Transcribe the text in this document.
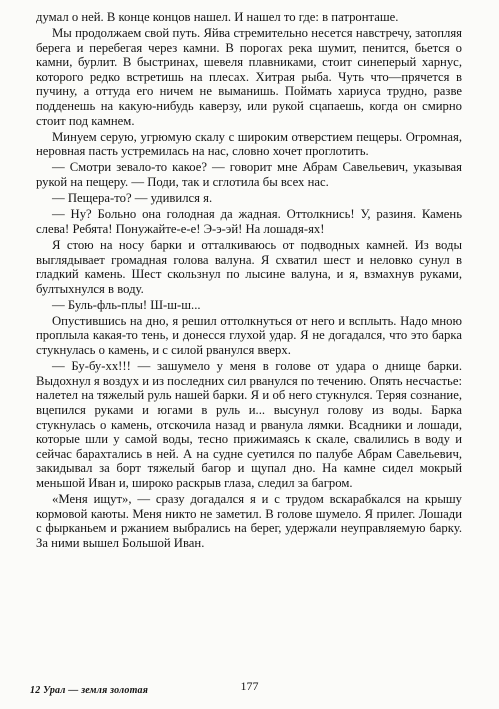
думал о ней. В конце концов нашел. И нашел то где: в патронташе.

Мы продолжаем свой путь. Яйва стремительно несется навстречу, затопляя берега и перебегая через камни. В порогах река шумит, пенится, бьется о камни, бурлит. В быстринах, шевеля плавниками, стоит синеперый харнус, которого редко встретишь на плесах. Хитрая рыба. Чуть что—прячется в пучину, а оттуда его ничем не выманишь. Поймать хариуса трудно, разве подденешь на какую-нибудь каверзу, или рукой сцапаешь, когда он смирно стоит под камнем.

Минуем серую, угрюмую скалу с широким отверстием пещеры. Огромная, неровная пасть устремилась на нас, словно хочет проглотить.

— Смотри зевало-то какое? — говорит мне Абрам Савельевич, указывая рукой на пещеру. — Поди, так и сглотила бы всех нас.

— Пещера-то? — удивился я.

— Ну? Больно она голодная да жадная. Оттолкнись! У, разиня. Камень слева! Ребята! Понужайте-е-е! Э-э-эй! На лошадя-ях!

Я стою на носу барки и отталкиваюсь от подводных камней. Из воды выглядывает громадная голова валуна. Я схватил шест и неловко сунул в гладкий камень. Шест скользнул по лысине валуна, и я, взмахнув руками, бултыхнулся в воду.

— Буль-фль-плы! Ш-ш-ш...

Опустившись на дно, я решил оттолкнуться от него и всплыть. Надо мною проплыла какая-то тень, и донесся глухой удар. Я не догадался, что это барка стукнулась о камень, и с силой рванулся вверх.

— Бу-бу-хх!!! — зашумело у меня в голове от удара о днище барки. Выдохнул я воздух и из последних сил рванулся по течению. Опять несчастье: налетел на тяжелый руль нашей барки. Я и об него стукнулся. Теряя сознание, вцепился руками и югами в руль и... высунул голову из воды. Барка стукнулась о камень, отскочила назад и рванула лямки. Всадники и лошади, которые шли у самой воды, тесно прижимаясь к скале, свалились в воду и сейчас барахтались в ней. А на судне суетился по палубе Абрам Савельевич, закидывал за борт тяжелый багор и щупал дно. На камне сидел мокрый меньшой Иван и, широко раскрыв глаза, следил за багром.

«Меня ищут», — сразу догадался я и с трудом вскарабкался на крышу кормовой каюты. Меня никто не заметил. В голове шумело. Я прилег. Лошади с фырканьем и ржанием выбрались на берег, удержали неуправляемую барку. За ними вышел Большой Иван.

177
12 Урал — земля золотая
